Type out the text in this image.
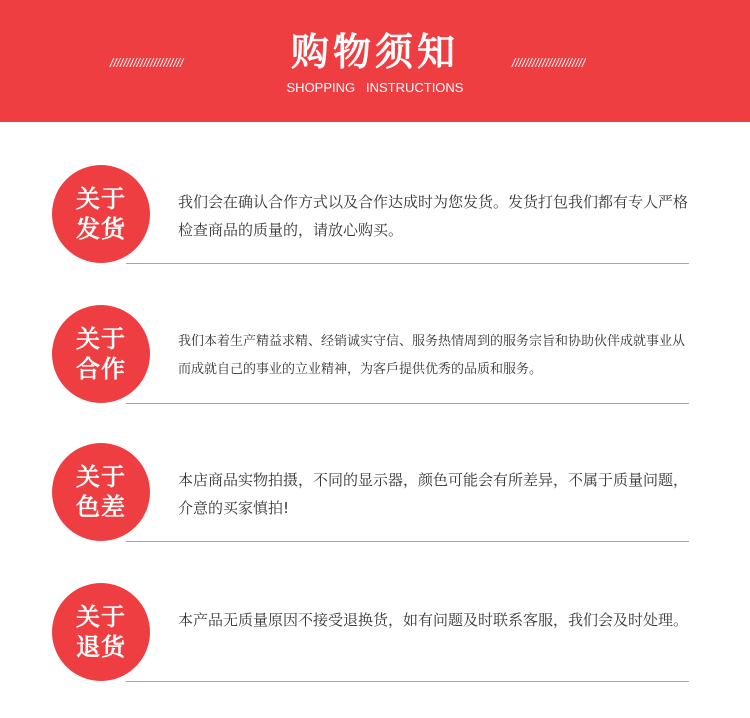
//////////////////////	购物须知	//////////////////////
SHOPPING   INSTRUCTIONS
关于
发货

我们会在确认合作方式以及合作达成时为您发货。发货打包我们都有专人严格检查商品的质量的，请放心购买。

关于
合作

我们本着生产精益求精、经销诚实守信、服务热情周到的服务宗旨和协助伙伴成就事业从而成就自己的事业的立业精神，为客戶提供优秀的品质和服务。

关于
色差

本店商品实物拍摄，不同的显示器，颜色可能会有所差异，不属于质量问题，介意的买家慎拍!

关于
退货

本产品无质量原因不接受退换货，如有问题及时联系客服，我们会及时处理。
